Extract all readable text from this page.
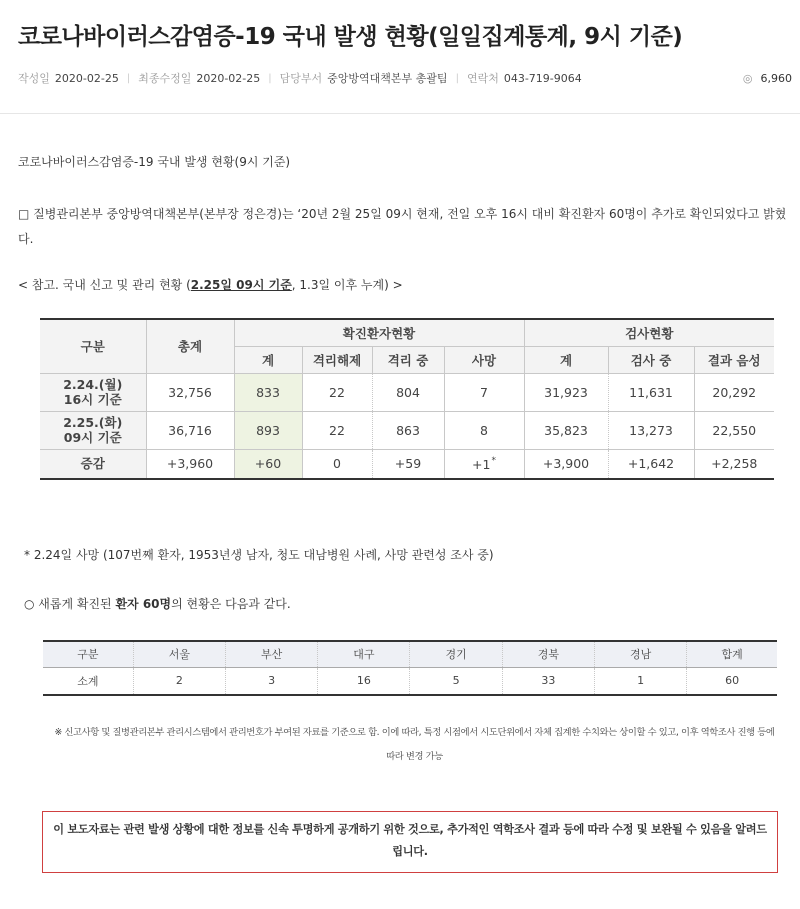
코로나바이러스감염증-19 국내 발생 현황(일일집계통계, 9시 기준)
작성일 2020-02-25 | 최종수정일 2020-02-25 | 담당부서 중앙방역대책본부 총괄팀 | 연락처 043-719-9064	◎ 6,960
코로나바이러스감염증-19 국내 발생 현황(9시 기준)
□ 질병관리본부 중앙방역대책본부(본부장 정은경)는 ‘20년 2월 25일 09시 현재, 전일 오후 16시 대비 확진환자 60명이 추가로 확인되었다고 밝혔다.
< 참고. 국내 신고 및 관리 현황 (2.25일 09시 기준, 1.3일 이후 누계) >
구분	총계	확진환자현황				검사현황		
		계	격리해제	격리 중	사망	계	검사 중	결과 음성
2.24.(월)
16시 기준	32,756	833	22	804	7	31,923	11,631	20,292
2.25.(화)
09시 기준	36,716	893	22	863	8	35,823	13,273	22,550
증감	+3,960	+60	0	+59	+1*	+3,900	+1,642	+2,258
* 2.24일 사망 (107번째 환자, 1953년생 남자, 청도 대남병원 사례, 사망 관련성 조사 중)
○ 새롭게 확진된 환자 60명의 현황은 다음과 같다.
구분	서울	부산	대구	경기	경북	경남	합계
소계	2	3	16	5	33	1	60
※ 신고사항 및 질병관리본부 관리시스템에서 관리번호가 부여된 자료를 기준으로 함. 이에 따라, 특정 시점에서 시도단위에서 자체 집계한 수치와는 상이할 수 있고, 이후 역학조사 진행 등에 따라 변경 가능
이 보도자료는 관련 발생 상황에 대한 정보를 신속 투명하게 공개하기 위한 것으로, 추가적인 역학조사 결과 등에 따라 수정 및 보완될 수 있음을 알려드립니다.
